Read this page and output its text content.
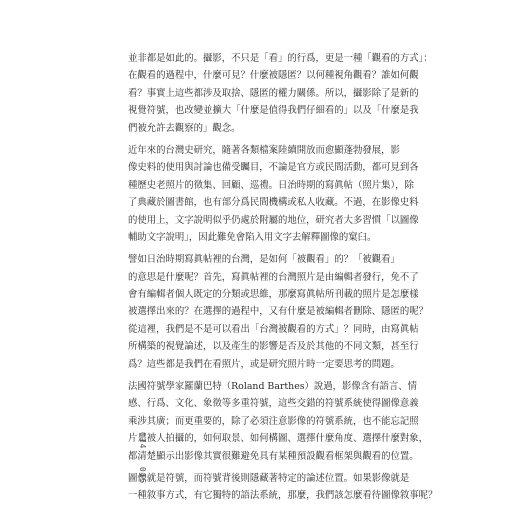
並非都是如此的。攝影，不只是「看」的行爲，更是一種「觀看的方式」：
在觀看的過程中，什麼可見？什麼被隱匿？以何種視角觀看？誰如何觀
看？事實上這些都涉及取捨、隱匿的權力關係。所以，攝影除了是新的
視覺符號，也改變並擴大「什麼是值得我們仔細看的」以及「什麼是我
們被允許去觀察的」觀念。
近年來的台灣史研究，隨著各類檔案陸續開放而愈顯蓬勃發展，影
像史料的使用與討論也備受矚目，不論是官方或民間活動，都可見到各
種歷史老照片的徵集、回顧、巡禮。日治時期的寫眞帖（照片集），除
了典藏於圖書館，也有部分爲民間機構或私人收藏。不過，在影像史料
的使用上，文字說明似乎仍處於附屬的地位，研究者大多習慣「以圖像
輔助文字說明」，因此難免會陷入用文字去解釋圖像的窠臼。
譬如日治時期寫眞帖裡的台灣，是如何「被觀看」的？「被觀看」
的意思是什麼呢？首先，寫眞帖裡的台灣照片是由編輯者發行，免不了
會有編輯者個人既定的分類或思維，那麼寫眞帖所刊載的照片是怎麼樣
被選擇出來的？在選擇的過程中，又有什麼是被編輯者刪除、隱匿的呢？
從這裡，我們是不是可以看出「台灣被觀看的方式」？同時，由寫眞帖
所構築的視覺論述，以及產生的影響是否及於其他的不同文類，甚至行
爲？這些都是我們在看照片，或是研究照片時一定要思考的問題。
法國符號學家羅蘭巴特（Roland Barthes）說過，影像含有語言、情
感、行爲、文化、象徵等多重符號，這些交錯的符號系統使得圖像意義
乘涉其廣；而更重要的，除了必須注意影像的符號系統，也不能忘記照
片是被人拍攝的，如何取景、如何構圖、選擇什麼角度、選擇什麼對象，
都清楚顯示出影像其實很難避免具有某種預設觀看框架與觀看的位置。
圖像就是符號，而符號背後則隱藏著特定的論述位置。如果影像就是
一種敘事方式，有它獨特的語法系統，那麼，我們該怎麼看待圖像敘事呢？
014 . 015
